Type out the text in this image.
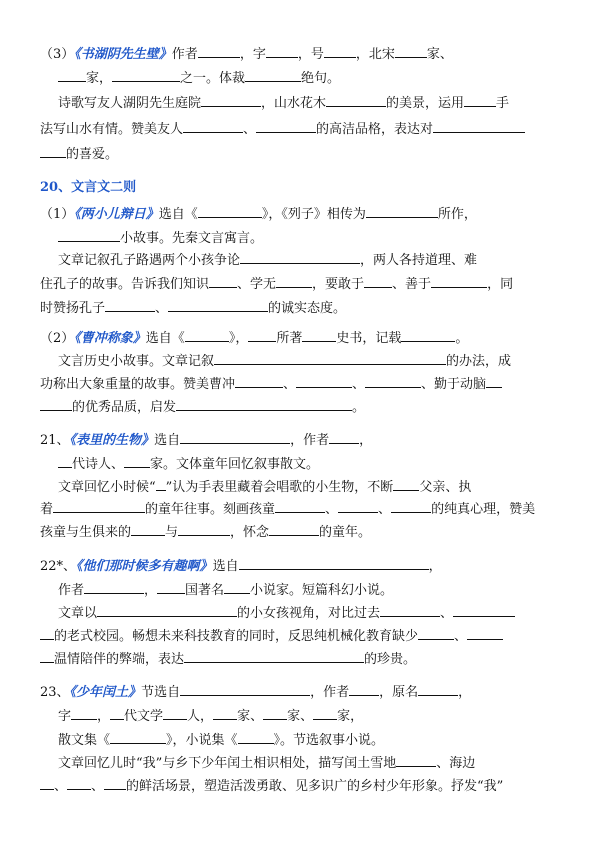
（3）《书湖阴先生壁》作者	，字 ，号 ，北宋 家、
家，	之一。体裁	绝句。
诗歌写友人湖阴先生庭院	，山水花木	的美景，运用 手
法写山水有情。赞美友人	、	的高洁品格，表达对
的喜爱。
20、文言文二则
（1）《两小儿辩日》选自《	》，《列子》相传为	所作，
小故事。先秦文言寓言。
文章记叙孔子路遇两个小孩争论	，两人各持道理、难
住孔子的故事。告诉我们知识 、学无	，要敢于 、善于	，同
时赞扬孔子	、	的诚实态度。
（2）《曹冲称象》选自《	》， 所著	史书，记载	。
文言历史小故事。文章记叙	的办法，成
功称出大象重量的故事。赞美曹冲	、	、	、勤于动脑
的优秀品质，启发	。
21、《表里的生物》选自	，作者 ，
代诗人、 家。文体童年回忆叙事散文。
文章回忆小时候“ ”认为手表里藏着会唱歌的小生物，不断 父亲、执
着	的童年往事。刻画孩童	、	、	的纯真心理，赞美
孩童与生俱来的	与	，怀念	的童年。
22*、《他们那时候多有趣啊》选自	，
作者	， 国著名 小说家。短篇科幻小说。
文章以	的小女孩视角，对比过去	、
的老式校园。畅想未来科技教育的同时，反思纯机械化教育缺少	、
温情陪伴的弊端，表达	的珍贵。
23、《少年闰土》节选自	，作者 ，原名	，
字 ， 代文学 人， 家、 家、 家，
散文集《	》，小说集《	》。节选叙事小说。
文章回忆儿时“我”与乡下少年闰土相识相处，描写闰土雪地	、海边
、 、 的鲜活场景，塑造活泼勇敢、见多识广的乡村少年形象。抒发“我”
